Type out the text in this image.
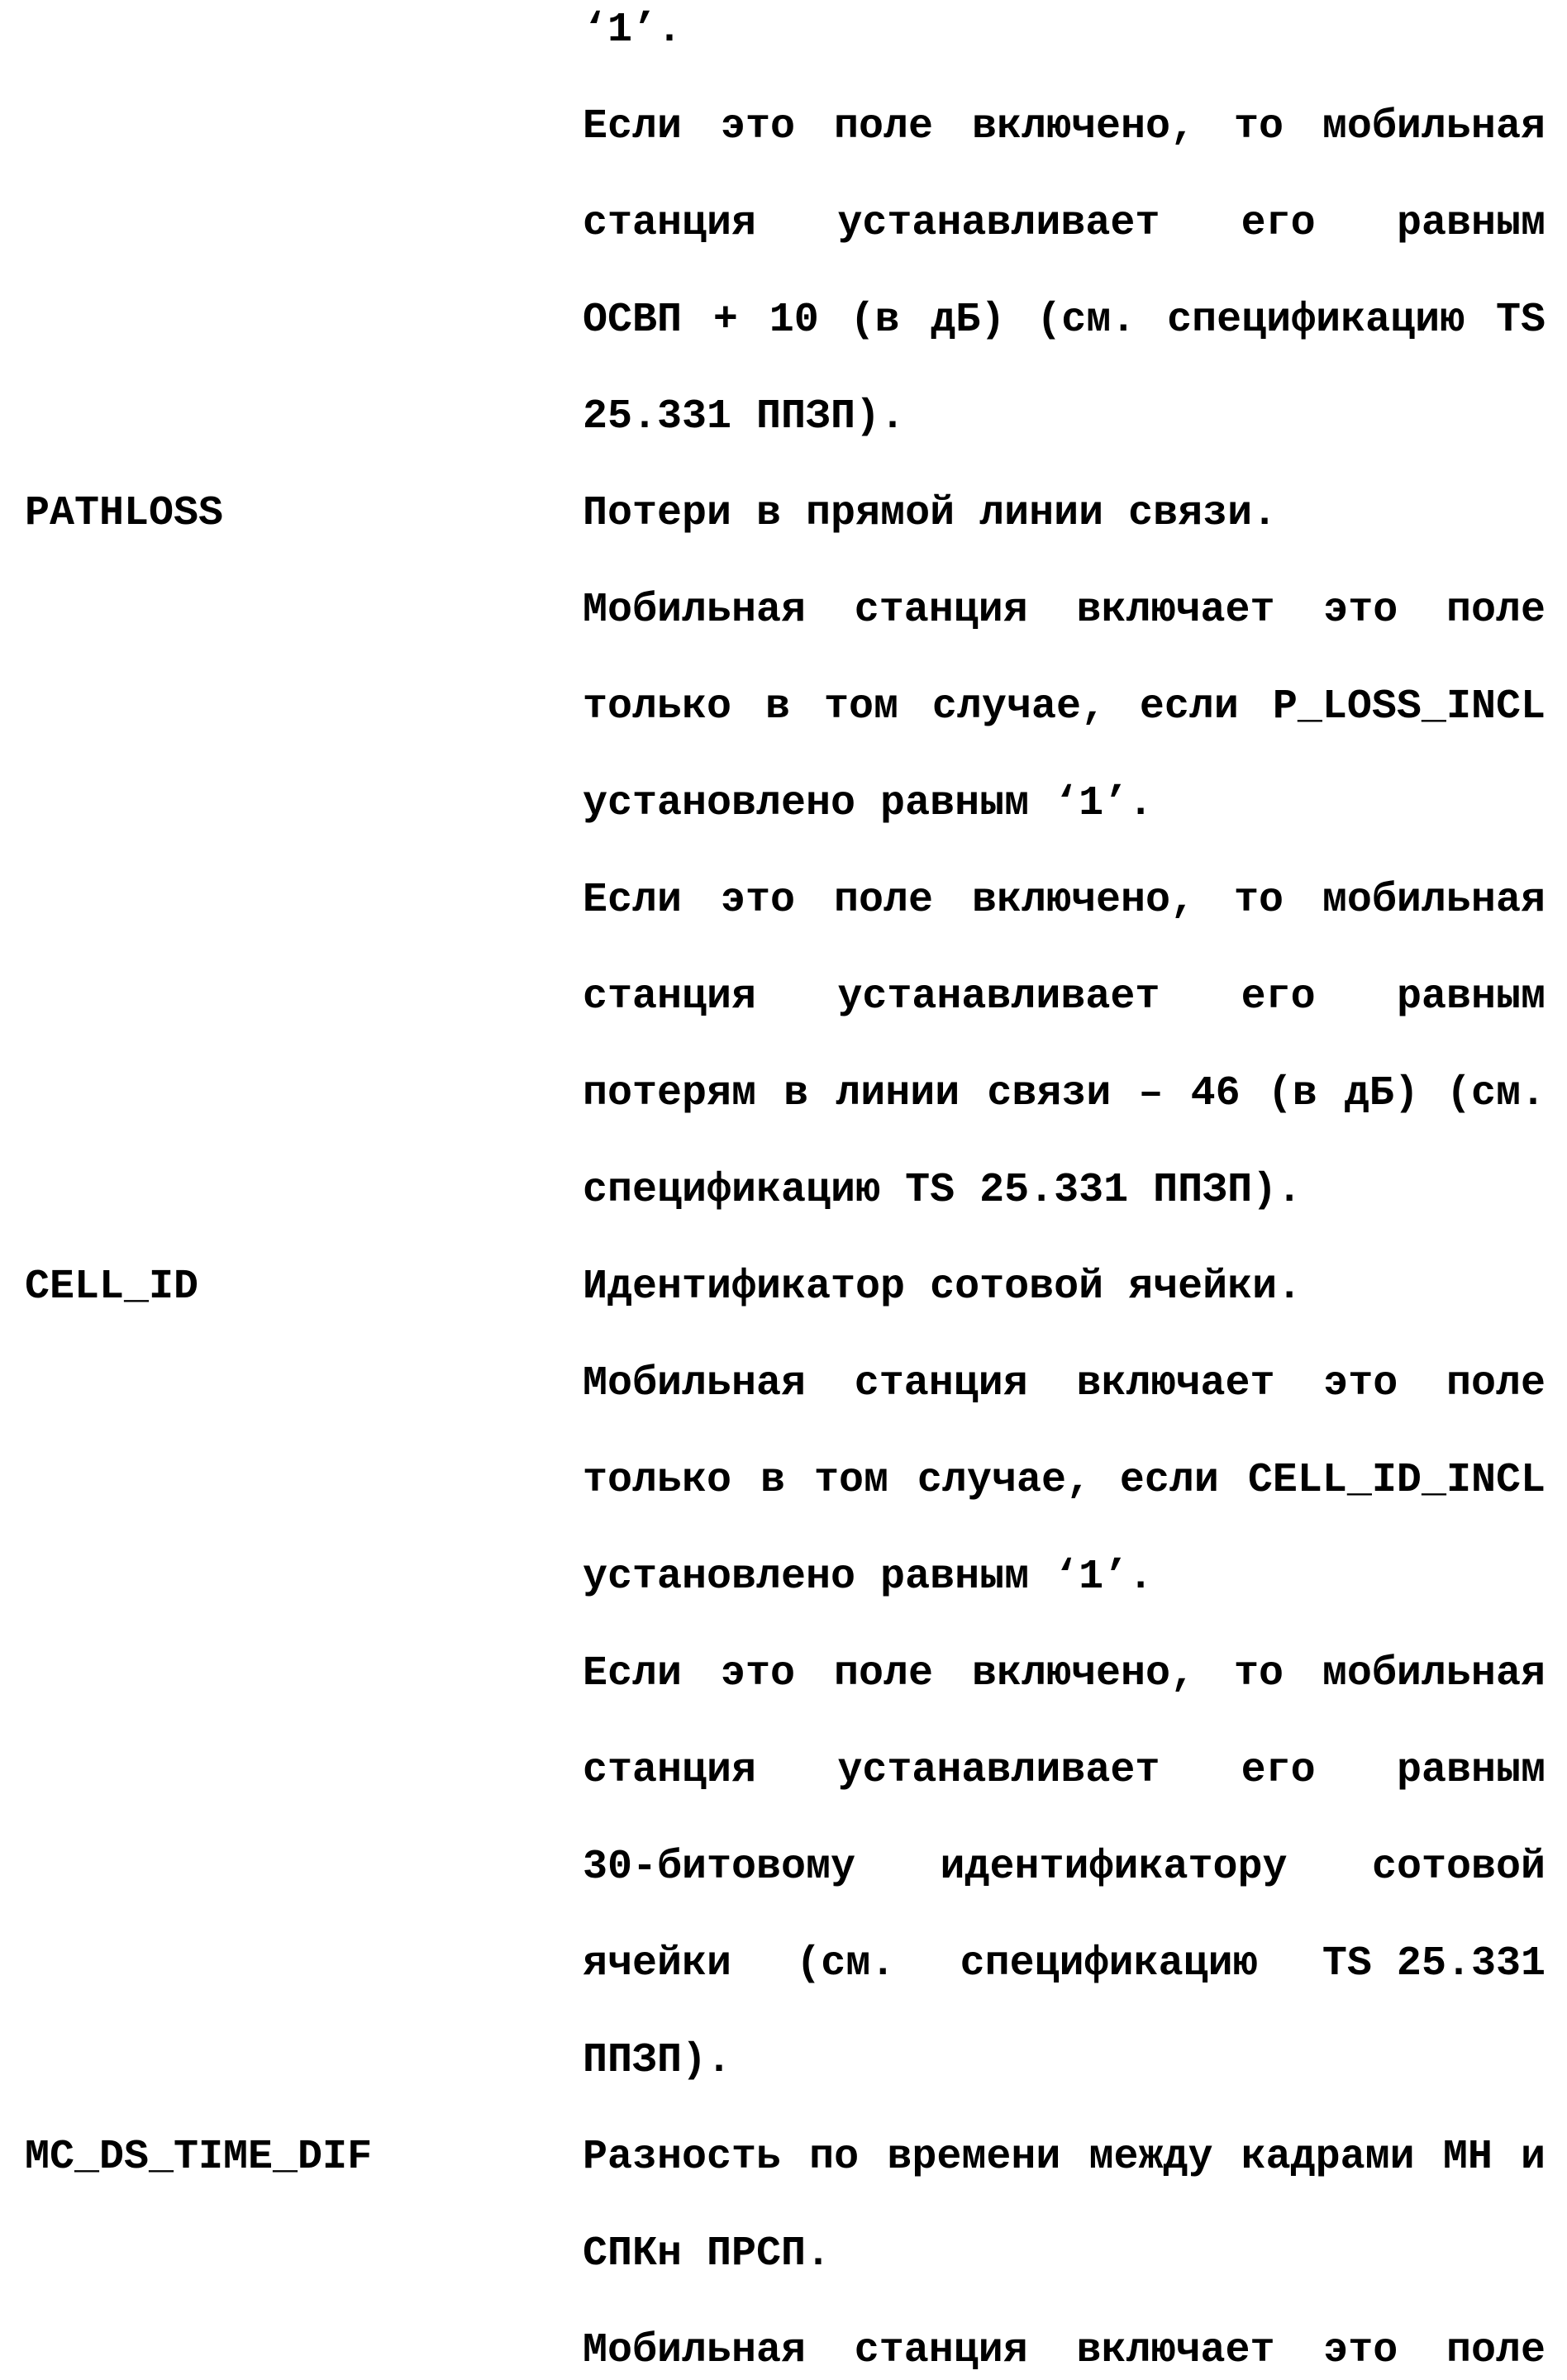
‘1’.
Если это поле включено, то мобильная
станция устанавливает его равным
ОСВП + 10 (в дБ) (см. спецификацию TS
25.331 ППЗП).
PATHLOSS	Потери в прямой линии связи.
Мобильная станция включает это поле
только в том случае, если P_LOSS_INCL
установлено равным ‘1’.
Если это поле включено, то мобильная
станция устанавливает его равным
потерям в линии связи – 46 (в дБ) (см.
спецификацию TS 25.331 ППЗП).
CELL_ID	Идентификатор сотовой ячейки.
Мобильная станция включает это поле
только в том случае, если CELL_ID_INCL
установлено равным ‘1’.
Если это поле включено, то мобильная
станция устанавливает его равным
30-битовому идентификатору сотовой
ячейки (см. спецификацию TS 25.331
ППЗП).
MC_DS_TIME_DIF	Разность по времени между кадрами МН и
СПКн ПРСП.
Мобильная станция включает это поле
